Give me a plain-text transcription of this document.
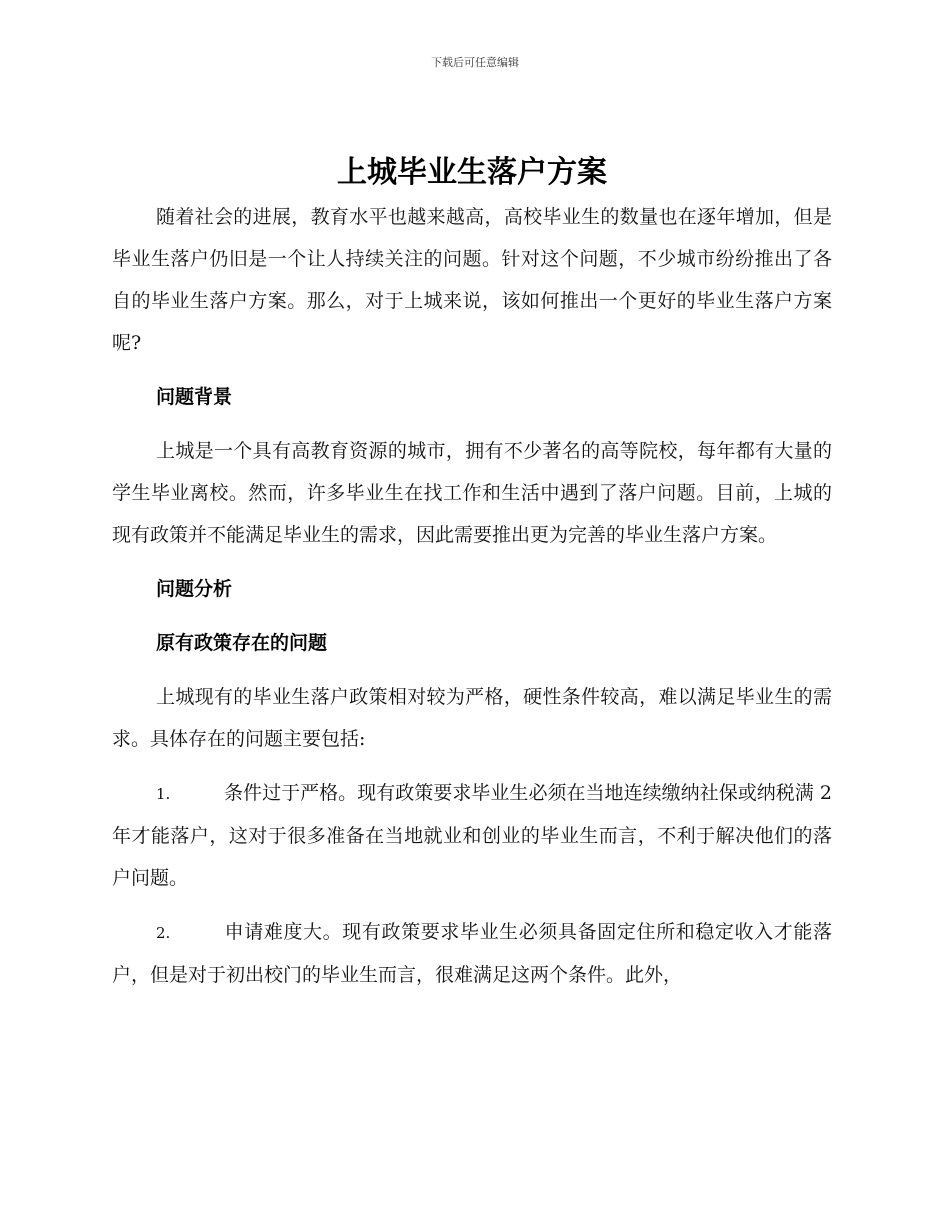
下载后可任意编辑
上城毕业生落户方案

随着社会的进展，教育水平也越来越高，高校毕业生的数量也在逐年增加，但是毕业生落户仍旧是一个让人持续关注的问题。针对这个问题，不少城市纷纷推出了各自的毕业生落户方案。那么，对于上城来说，该如何推出一个更好的毕业生落户方案呢?

问题背景

上城是一个具有高教育资源的城市，拥有不少著名的高等院校，每年都有大量的学生毕业离校。然而，许多毕业生在找工作和生活中遇到了落户问题。目前，上城的现有政策并不能满足毕业生的需求，因此需要推出更为完善的毕业生落户方案。

问题分析
原有政策存在的问题

上城现有的毕业生落户政策相对较为严格，硬性条件较高，难以满足毕业生的需求。具体存在的问题主要包括:

1.	条件过于严格。现有政策要求毕业生必须在当地连续缴纳社保或纳税满 2 年才能落户，这对于很多准备在当地就业和创业的毕业生而言，不利于解决他们的落户问题。

2.	申请难度大。现有政策要求毕业生必须具备固定住所和稳定收入才能落户，但是对于初出校门的毕业生而言，很难满足这两个条件。此外，
